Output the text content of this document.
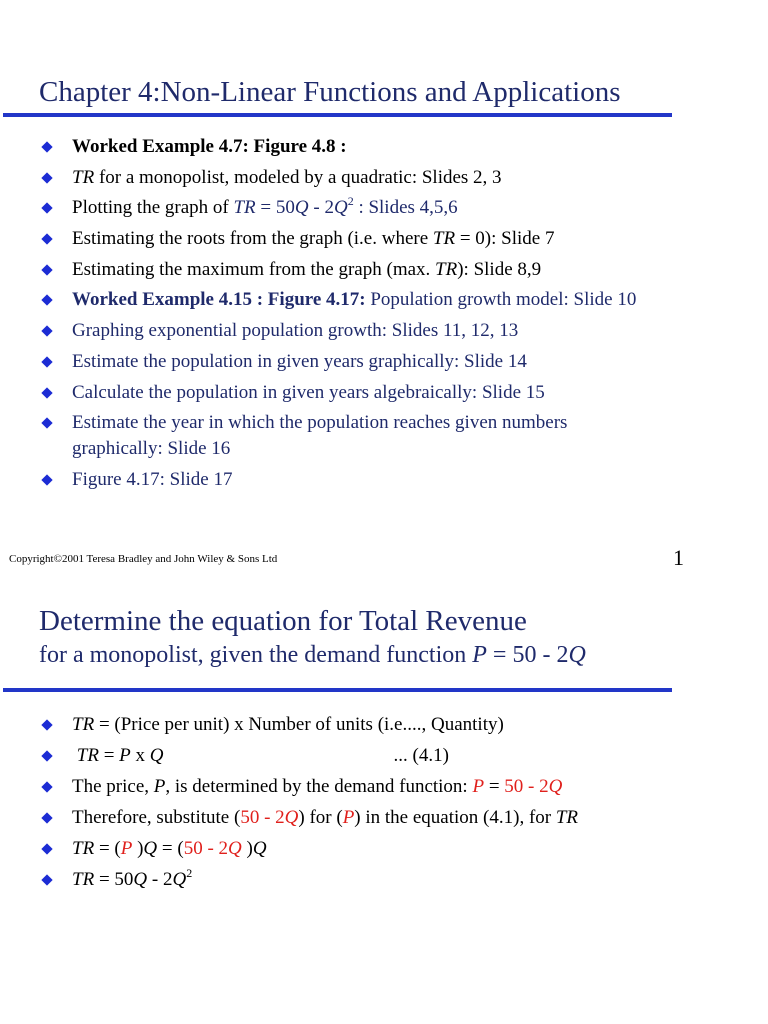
Chapter 4:Non-Linear Functions and Applications
Worked Example 4.7: Figure 4.8 :
TR for a monopolist, modeled by a quadratic: Slides 2, 3
Plotting the graph of TR = $50Q - 2Q^2$ : Slides 4,5,6
Estimating the roots from the graph (i.e. where TR = 0): Slide 7
Estimating the maximum from the graph (max. TR): Slide 8,9
Worked Example 4.15 : Figure 4.17: Population growth model: Slide 10
Graphing exponential population growth: Slides 11, 12, 13
Estimate the population in given years graphically: Slide 14
Calculate the population in given years algebraically: Slide 15
Estimate the year in which the population reaches given numbers graphically: Slide 16
Figure 4.17: Slide 17
Copyright©2001 Teresa Bradley and John Wiley & Sons Ltd	1
Determine the equation for Total Revenue
for a monopolist, given the demand function P = 50 - 2Q
TR = (Price per unit) x Number of units (i.e...., Quantity)
TR = P x Q	... (4.1)
The price, P, is determined by the demand function: P = 50 - 2Q
Therefore, substitute (50 - 2Q) for (P) in the equation (4.1), for TR
TR = (P )Q = (50 - 2Q )Q
TR = $50Q - 2Q^2$
